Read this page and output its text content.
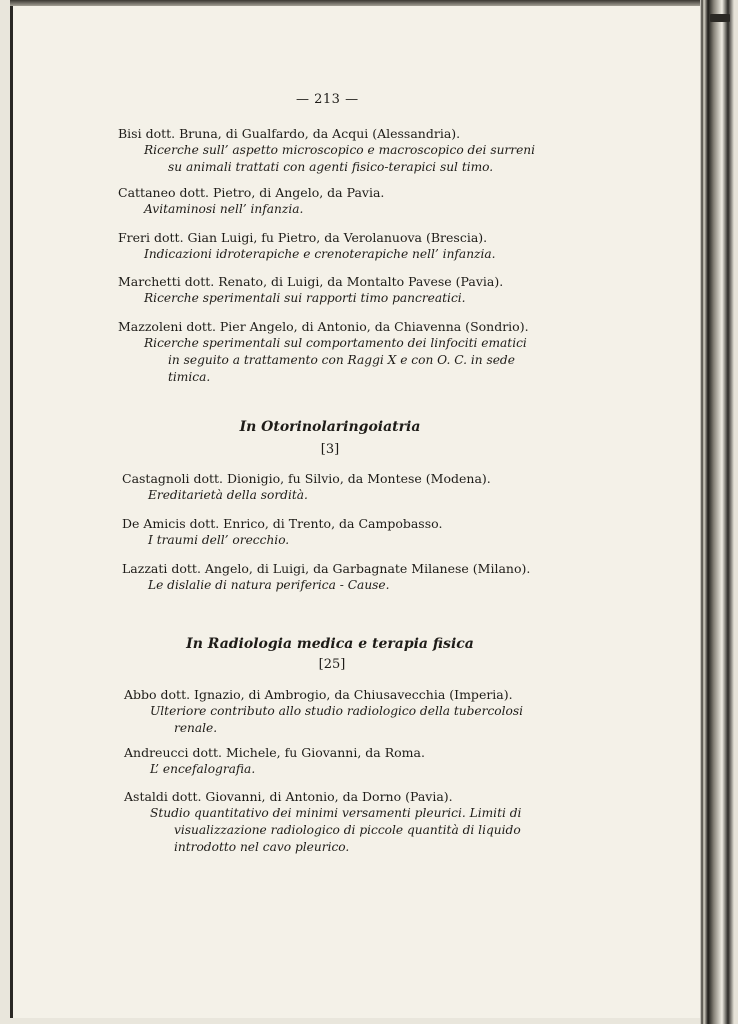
— 213 —
Bisi dott. Bruna, di Gualfardo, da Acqui (Alessandria).
Ricerche sull’ aspetto microscopico e macroscopico dei surreni
su animali trattati con agenti fisico-terapici sul timo.
Cattaneo dott. Pietro, di Angelo, da Pavia.
Avitaminosi nell’ infanzia.
Freri dott. Gian Luigi, fu Pietro, da Verolanuova (Brescia).
Indicazioni idroterapiche e crenoterapiche nell’ infanzia.
Marchetti dott. Renato, di Luigi, da Montalto Pavese (Pavia).
Ricerche sperimentali sui rapporti timo pancreatici.
Mazzoleni dott. Pier Angelo, di Antonio, da Chiavenna (Sondrio).
Ricerche sperimentali sul comportamento dei linfociti ematici
in seguito a trattamento con Raggi X e con O. C. in sede
timica.
In Otorinolaringoiatria
[3]
Castagnoli dott. Dionigio, fu Silvio, da Montese (Modena).
Ereditarietà della sordità.
De Amicis dott. Enrico, di Trento, da Campobasso.
I traumi dell’ orecchio.
Lazzati dott. Angelo, di Luigi, da Garbagnate Milanese (Milano).
Le dislalie di natura periferica - Cause.
In Radiologia medica e terapia fisica
[25]
Abbo dott. Ignazio, di Ambrogio, da Chiusavecchia (Imperia).
Ulteriore contributo allo studio radiologico della tubercolosi
renale.
Andreucci dott. Michele, fu Giovanni, da Roma.
L’ encefalografia.
Astaldi dott. Giovanni, di Antonio, da Dorno (Pavia).
Studio quantitativo dei minimi versamenti pleurici. Limiti di
visualizzazione radiologico di piccole quantità di liquido
introdotto nel cavo pleurico.
